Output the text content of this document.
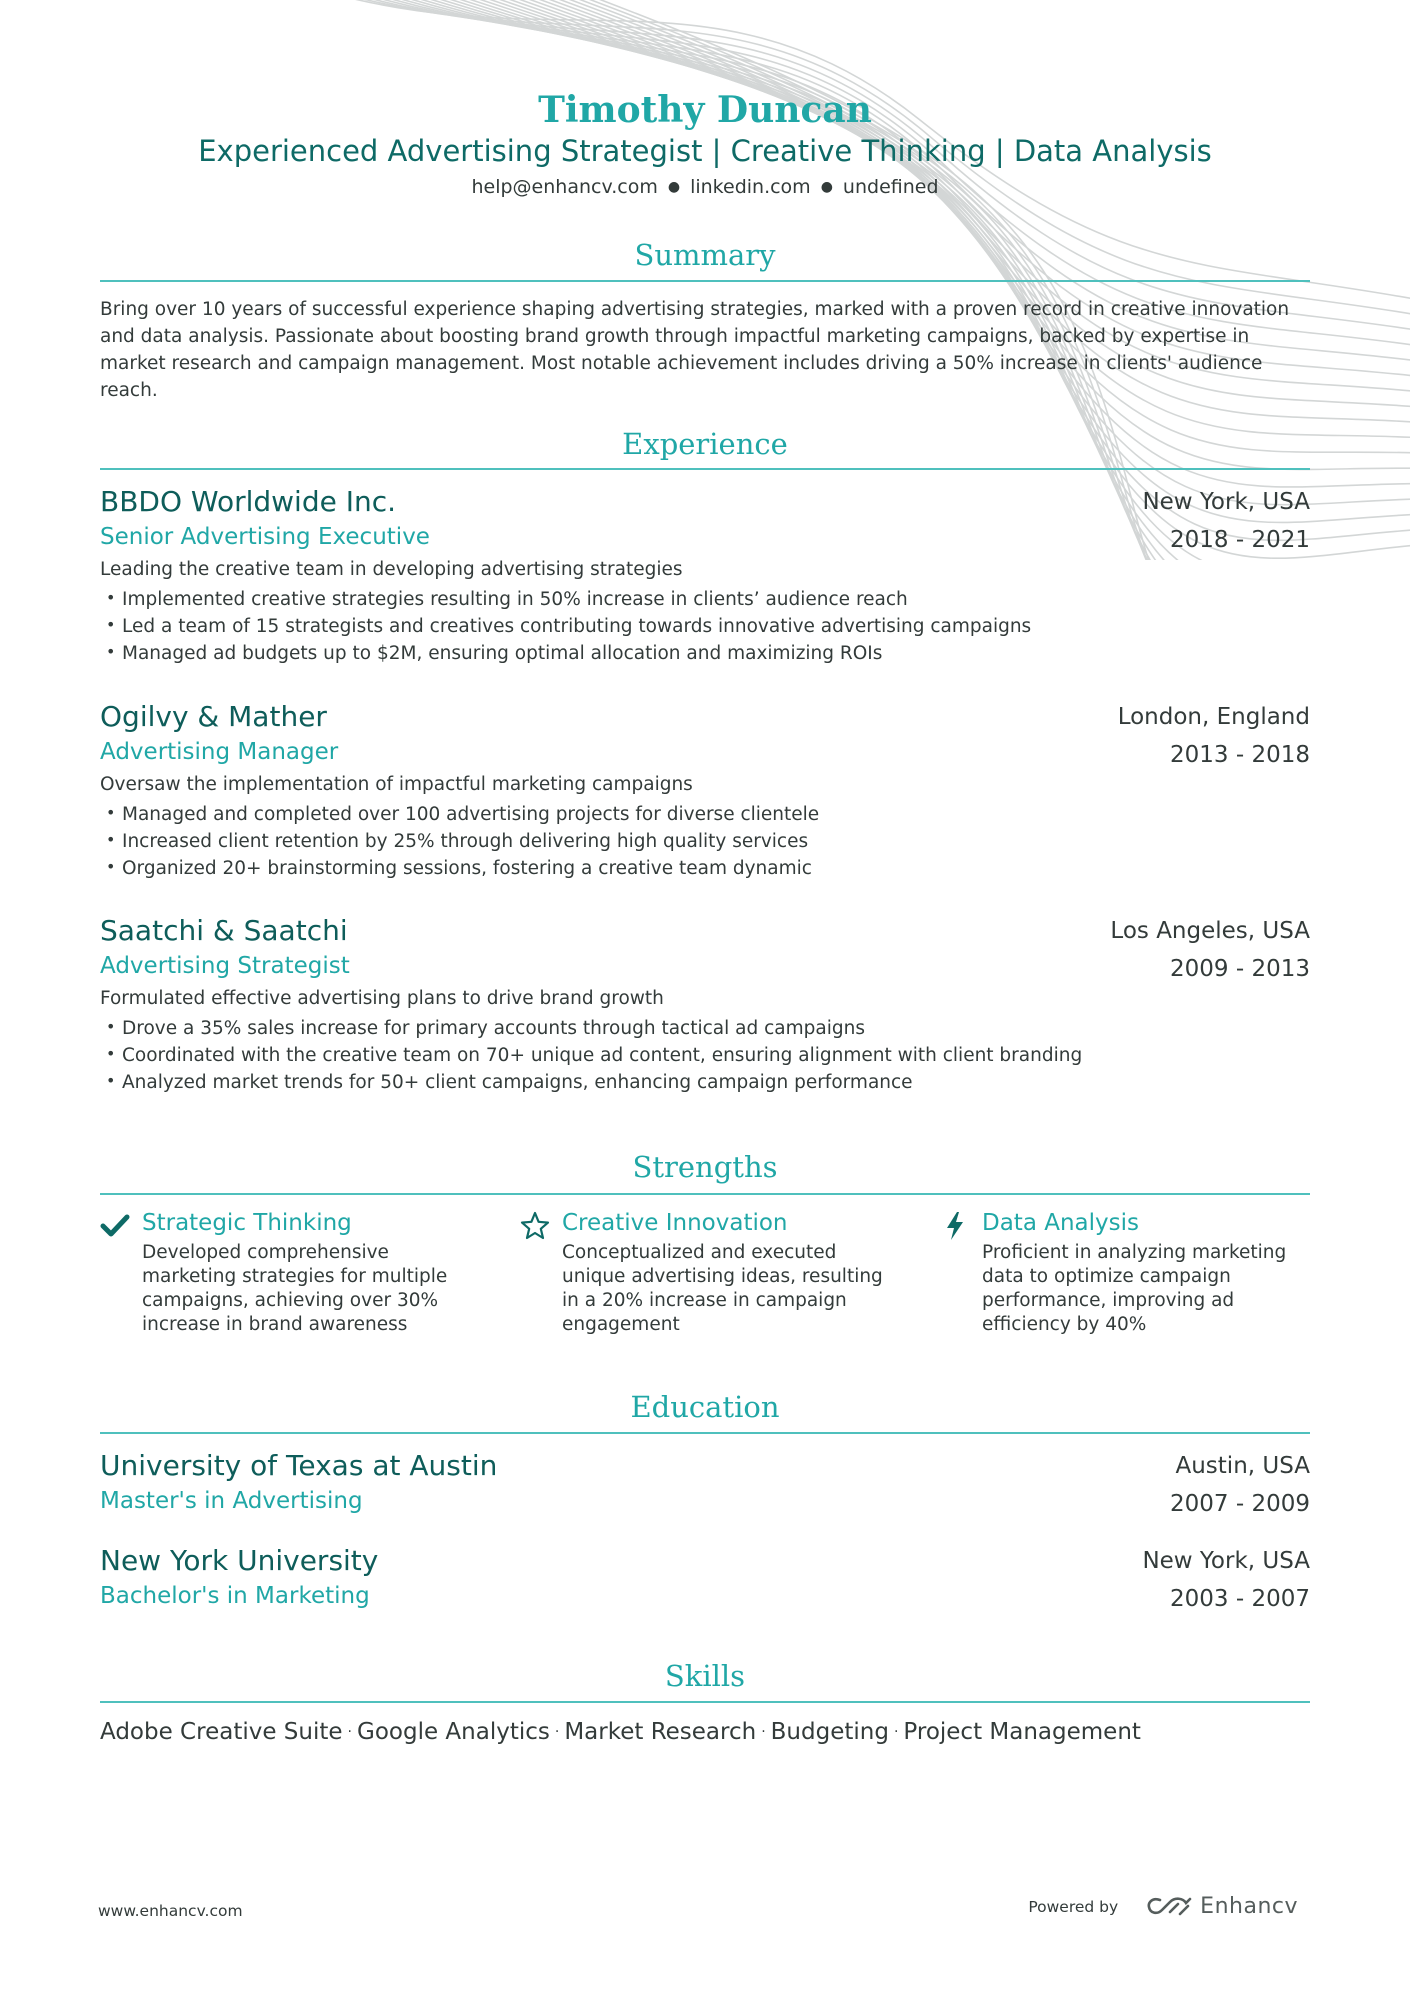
Timothy Duncan
Experienced Advertising Strategist | Creative Thinking | Data Analysis
help@enhancv.com ● linkedin.com ● undefined
Summary
Bring over 10 years of successful experience shaping advertising strategies, marked with a proven record in creative innovation and data analysis. Passionate about boosting brand growth through impactful marketing campaigns, backed by expertise in market research and campaign management. Most notable achievement includes driving a 50% increase in clients' audience reach.
Experience
BBDO Worldwide Inc.
Senior Advertising Executive
New York, USA
2018 - 2021
Leading the creative team in developing advertising strategies
• Implemented creative strategies resulting in 50% increase in clients’ audience reach
• Led a team of 15 strategists and creatives contributing towards innovative advertising campaigns
• Managed ad budgets up to $2M, ensuring optimal allocation and maximizing ROIs
Ogilvy & Mather
Advertising Manager
London, England
2013 - 2018
Oversaw the implementation of impactful marketing campaigns
• Managed and completed over 100 advertising projects for diverse clientele
• Increased client retention by 25% through delivering high quality services
• Organized 20+ brainstorming sessions, fostering a creative team dynamic
Saatchi & Saatchi
Advertising Strategist
Los Angeles, USA
2009 - 2013
Formulated effective advertising plans to drive brand growth
• Drove a 35% sales increase for primary accounts through tactical ad campaigns
• Coordinated with the creative team on 70+ unique ad content, ensuring alignment with client branding
• Analyzed market trends for 50+ client campaigns, enhancing campaign performance
Strengths
Strategic Thinking
Developed comprehensive
marketing strategies for multiple
campaigns, achieving over 30%
increase in brand awareness
Creative Innovation
Conceptualized and executed
unique advertising ideas, resulting
in a 20% increase in campaign
engagement
Data Analysis
Proficient in analyzing marketing
data to optimize campaign
performance, improving ad
efficiency by 40%
Education
University of Texas at Austin
Master's in Advertising
Austin, USA
2007 - 2009
New York University
Bachelor's in Marketing
New York, USA
2003 - 2007
Skills
Adobe Creative Suite · Google Analytics · Market Research · Budgeting · Project Management
www.enhancv.com	Powered by	Enhancv
